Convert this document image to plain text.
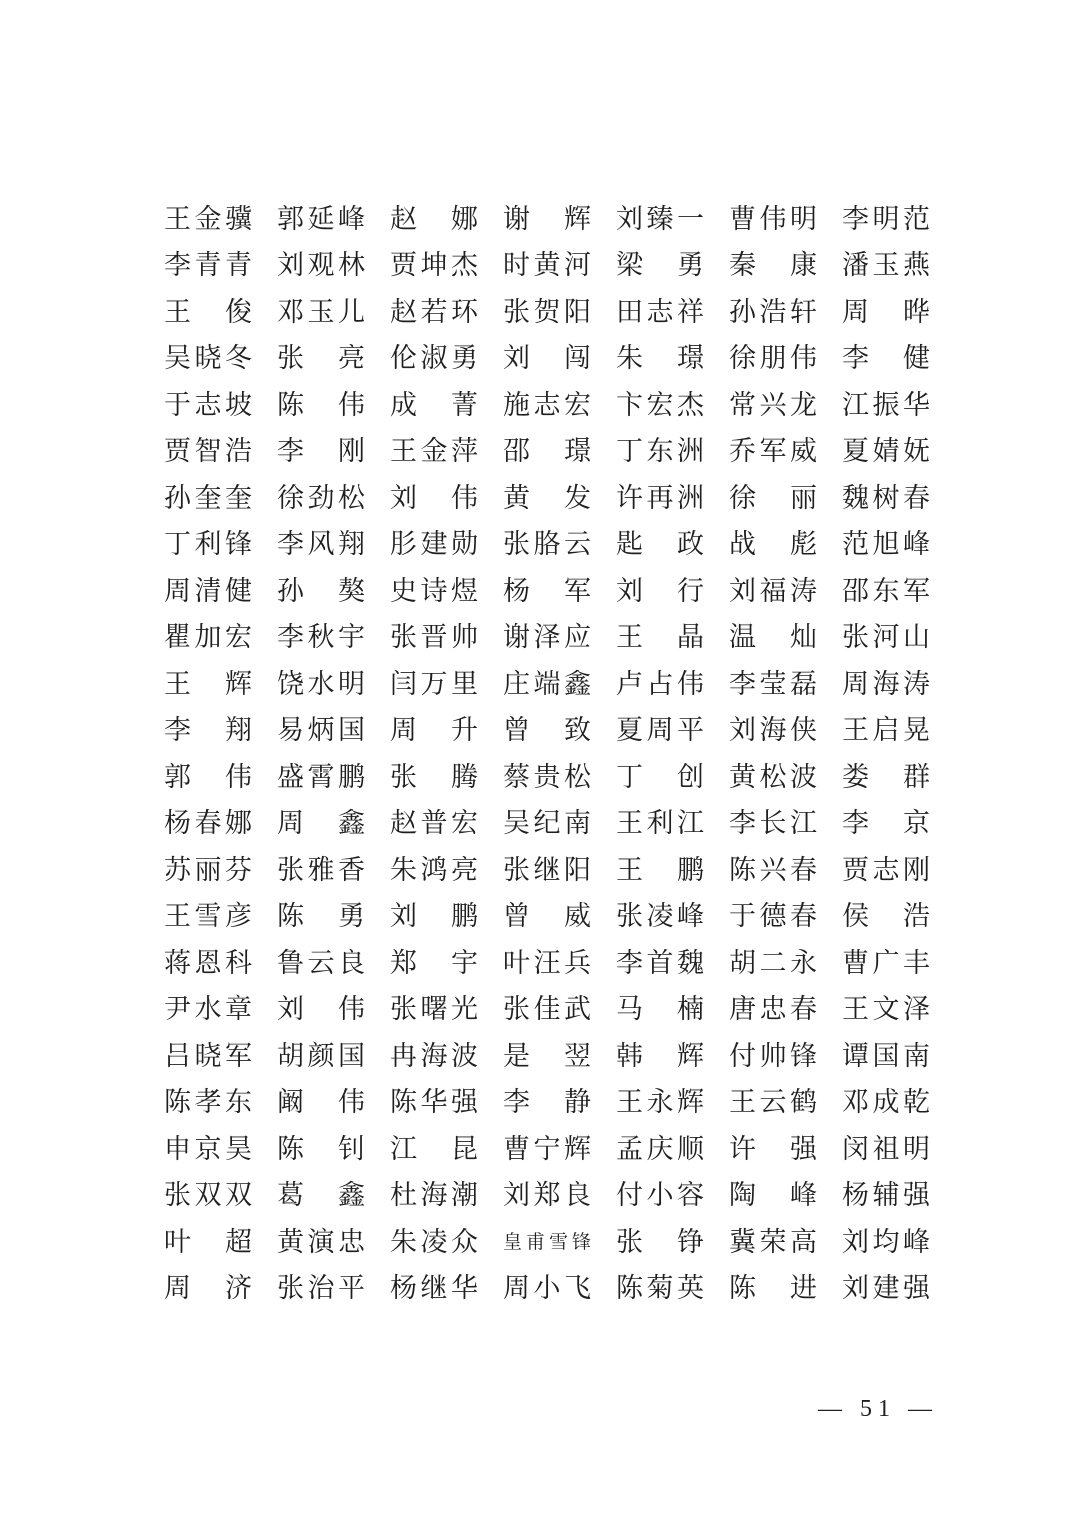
王 金 骥 郭 延 峰 赵 娜 谢 辉 刘 臻 一 曹 伟 明 李 明 范
李 青 青 刘 观 林 贾 坤 杰 时 黄 河 梁 勇 秦 康 潘 玉 燕
王 俊 邓 玉 儿 赵 若 环 张 贺 阳 田 志 祥 孙 浩 轩 周 晔
吴 晓 冬 张 亮 伦 淑 勇 刘 闯 朱 璟 徐 朋 伟 李 健
于 志 坡 陈 伟 成 菁 施 志 宏 卞 宏 杰 常 兴 龙 江 振 华
贾 智 浩 李 刚 王 金 萍 邵 璟 丁 东 洲 乔 军 威 夏 婧 妩
孙 奎 奎 徐 劲 松 刘 伟 黄 发 许 再 洲 徐 丽 魏 树 春
丁 利 锋 李 风 翔 肜 建 勋 张 胳 云 匙 政 战 彪 范 旭 峰
周 清 健 孙 獒 史 诗 煜 杨 军 刘 行 刘 福 涛 邵 东 军
瞿 加 宏 李 秋 宇 张 晋 帅 谢 泽 应 王 晶 温 灿 张 河 山
王 辉 饶 水 明 闫 万 里 庄 端 鑫 卢 占 伟 李 莹 磊 周 海 涛
李 翔 易 炳 国 周 升 曾 致 夏 周 平 刘 海 侠 王 启 晃
郭 伟 盛 霄 鹏 张 腾 蔡 贵 松 丁 创 黄 松 波 娄 群
杨 春 娜 周 鑫 赵 普 宏 吴 纪 南 王 利 江 李 长 江 李 京
苏 丽 芬 张 雅 香 朱 鸿 亮 张 继 阳 王 鹏 陈 兴 春 贾 志 刚
王 雪 彦 陈 勇 刘 鹏 曾 威 张 凌 峰 于 德 春 侯 浩
蒋 恩 科 鲁 云 良 郑 宇 叶 汪 兵 李 首 魏 胡 二 永 曹 广 丰
尹 水 章 刘 伟 张 曙 光 张 佳 武 马 楠 唐 忠 春 王 文 泽
吕 晓 军 胡 颜 国 冉 海 波 是 翌 韩 辉 付 帅 锋 谭 国 南
陈 孝 东 阚 伟 陈 华 强 李 静 王 永 辉 王 云 鹤 邓 成 乾
申 京 昊 陈 钊 江 昆 曹 宁 辉 孟 庆 顺 许 强 闵 祖 明
张 双 双 葛 鑫 杜 海 潮 刘 郑 良 付 小 容 陶 峰 杨 辅 强
叶 超 黄 演 忠 朱 凌 众 皇 甫 雪 锋 张 铮 冀 荣 高 刘 均 峰
周 济 张 治 平 杨 继 华 周 小 飞 陈 菊 英 陈 进 刘 建 强
— 51 —
